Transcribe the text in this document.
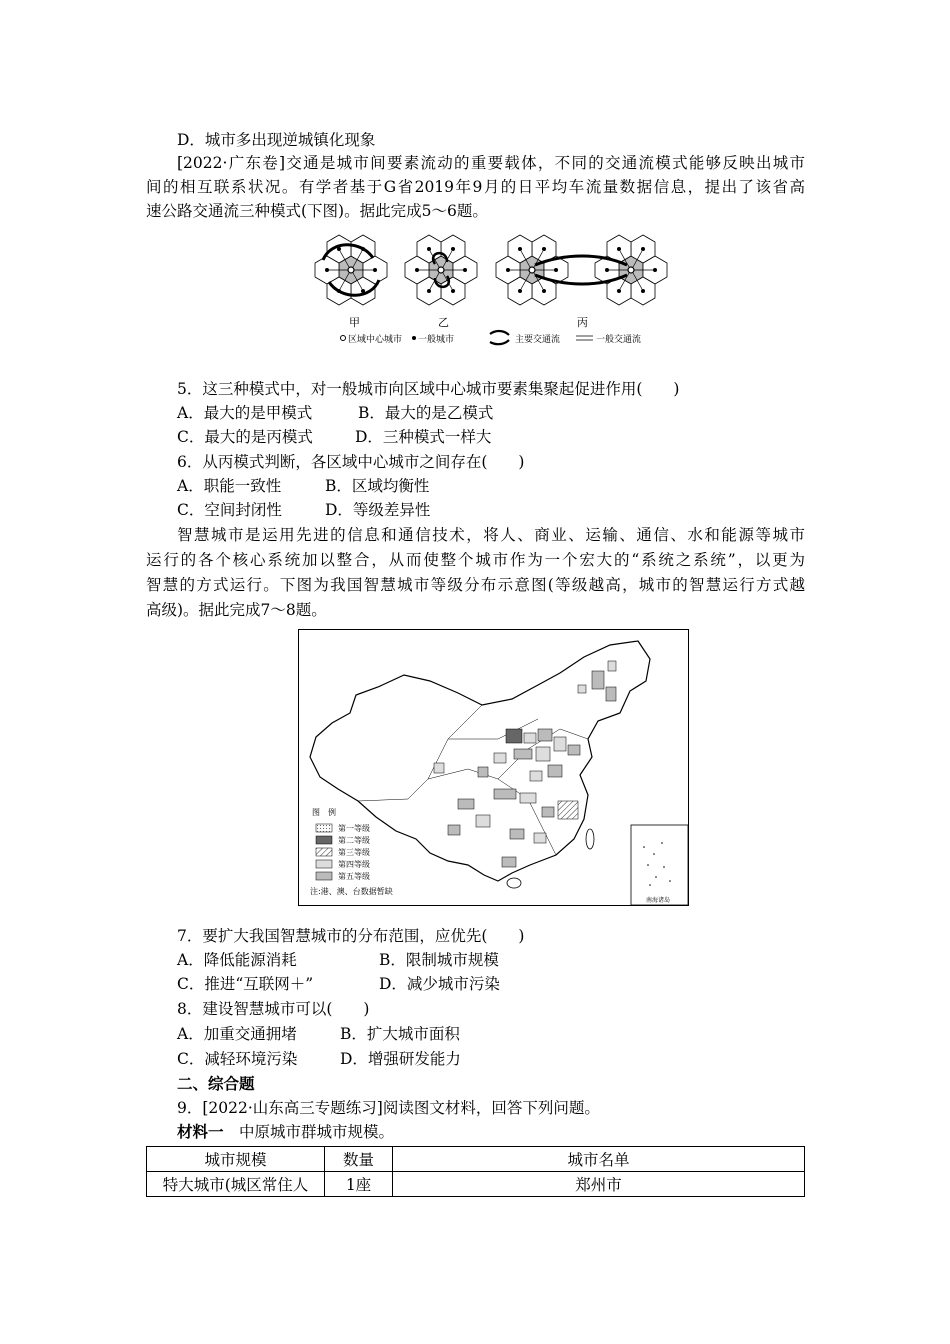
D．城市多出现逆城镇化现象
[2022·广东卷]交通是城市间要素流动的重要载体，不同的交通流模式能够反映出城市
间的相互联系状况。有学者基于G省2019年9月的日平均车流量数据信息，提出了该省高
速公路交通流三种模式(下图)。据此完成5～6题。
甲	乙	丙
区域中心城市 一般城市	主要交通流	一般交通流
5．这三种模式中，对一般城市向区域中心城市要素集聚起促进作用(　　)
A．最大的是甲模式	B．最大的是乙模式
C．最大的是丙模式	D．三种模式一样大
6．从丙模式判断，各区域中心城市之间存在(　　)
A．职能一致性	B．区域均衡性
C．空间封闭性	D．等级差异性
智慧城市是运用先进的信息和通信技术，将人、商业、运输、通信、水和能源等城市
运行的各个核心系统加以整合，从而使整个城市作为一个宏大的“系统之系统”，以更为
智慧的方式运行。下图为我国智慧城市等级分布示意图(等级越高，城市的智慧运行方式越
高级)。据此完成7～8题。
南海诸岛
图　例
第一等级
第二等级
第三等级
第四等级
第五等级
注:港、澳、台数据暂缺
7．要扩大我国智慧城市的分布范围，应优先(　　)
A．降低能源消耗	B．限制城市规模
C．推进“互联网＋”	D．减少城市污染
8．建设智慧城市可以(　　)
A．加重交通拥堵	B．扩大城市面积
C．减轻环境污染	D．增强研发能力
二、综合题
9．[2022·山东高三专题练习]阅读图文材料，回答下列问题。
材料一　中原城市群城市规模。
城市规模	数量	城市名单
特大城市(城区常住人	1座	郑州市
